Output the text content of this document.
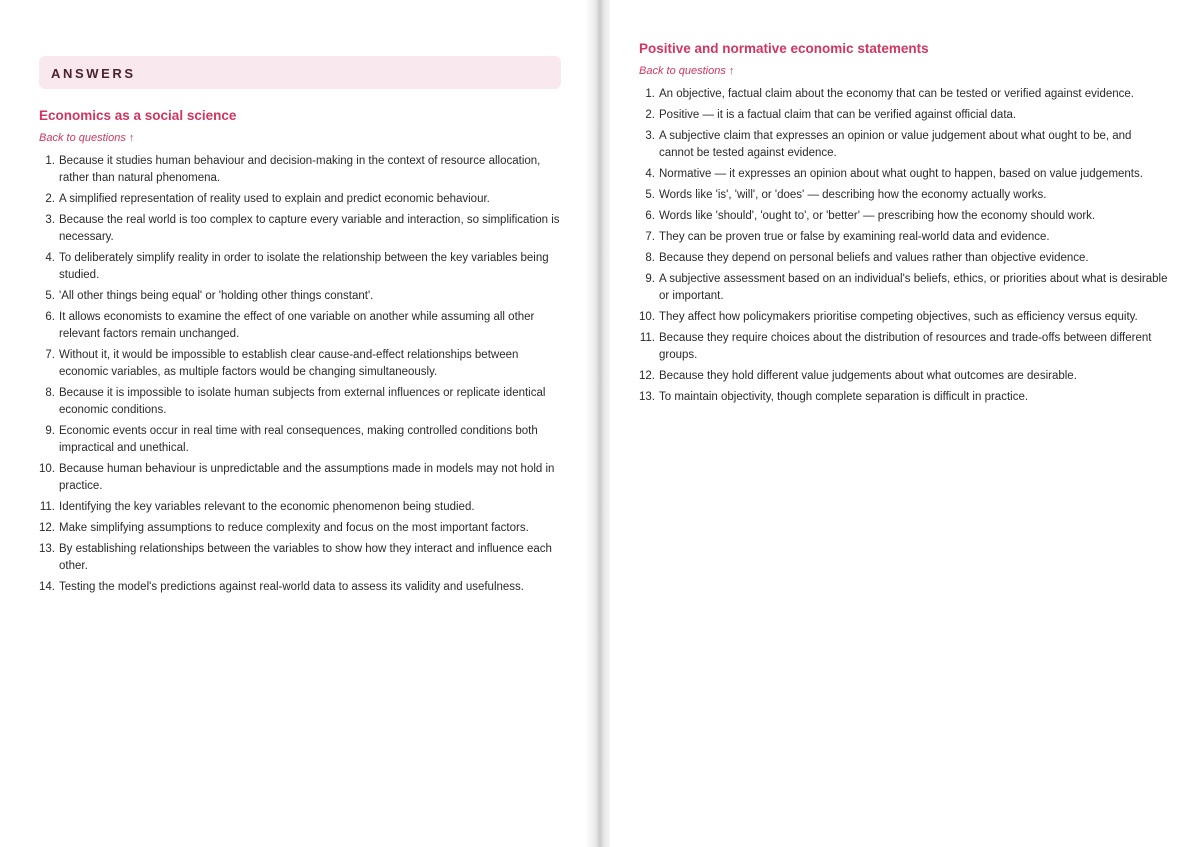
ANSWERS
Economics as a social science
Back to questions ↑
1. Because it studies human behaviour and decision-making in the context of resource allocation, rather than natural phenomena.
2. A simplified representation of reality used to explain and predict economic behaviour.
3. Because the real world is too complex to capture every variable and interaction, so simplification is necessary.
4. To deliberately simplify reality in order to isolate the relationship between the key variables being studied.
5. 'All other things being equal' or 'holding other things constant'.
6. It allows economists to examine the effect of one variable on another while assuming all other relevant factors remain unchanged.
7. Without it, it would be impossible to establish clear cause-and-effect relationships between economic variables, as multiple factors would be changing simultaneously.
8. Because it is impossible to isolate human subjects from external influences or replicate identical economic conditions.
9. Economic events occur in real time with real consequences, making controlled conditions both impractical and unethical.
10. Because human behaviour is unpredictable and the assumptions made in models may not hold in practice.
11. Identifying the key variables relevant to the economic phenomenon being studied.
12. Make simplifying assumptions to reduce complexity and focus on the most important factors.
13. By establishing relationships between the variables to show how they interact and influence each other.
14. Testing the model's predictions against real-world data to assess its validity and usefulness.
Positive and normative economic statements
Back to questions ↑
1. An objective, factual claim about the economy that can be tested or verified against evidence.
2. Positive — it is a factual claim that can be verified against official data.
3. A subjective claim that expresses an opinion or value judgement about what ought to be, and cannot be tested against evidence.
4. Normative — it expresses an opinion about what ought to happen, based on value judgements.
5. Words like 'is', 'will', or 'does' — describing how the economy actually works.
6. Words like 'should', 'ought to', or 'better' — prescribing how the economy should work.
7. They can be proven true or false by examining real-world data and evidence.
8. Because they depend on personal beliefs and values rather than objective evidence.
9. A subjective assessment based on an individual's beliefs, ethics, or priorities about what is desirable or important.
10. They affect how policymakers prioritise competing objectives, such as efficiency versus equity.
11. Because they require choices about the distribution of resources and trade-offs between different groups.
12. Because they hold different value judgements about what outcomes are desirable.
13. To maintain objectivity, though complete separation is difficult in practice.
